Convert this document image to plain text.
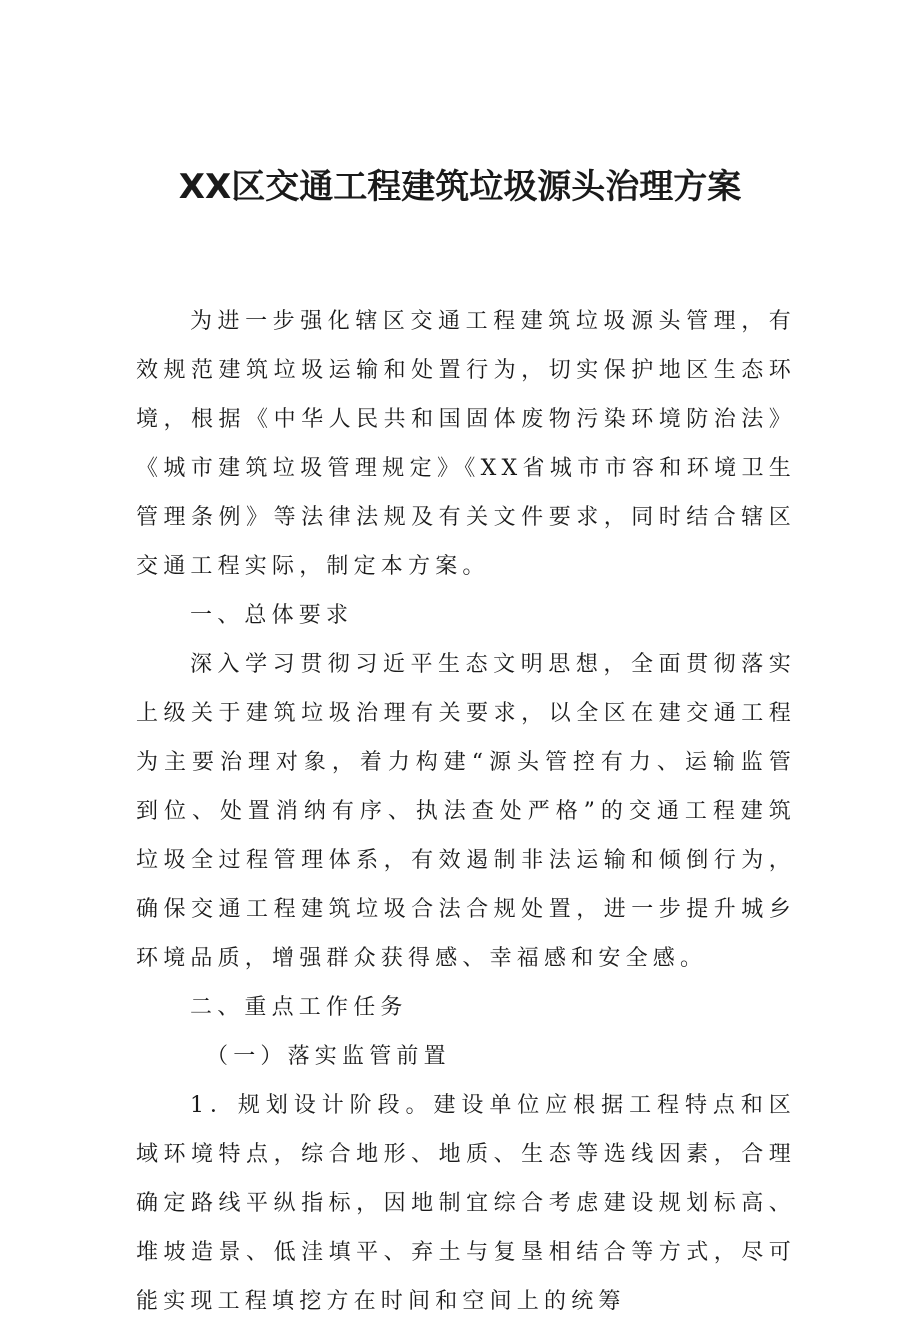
XX区交通工程建筑垃圾源头治理方案

为进一步强化辖区交通工程建筑垃圾源头管理，有效规范建筑垃圾运输和处置行为，切实保护地区生态环境，根据《中华人民共和国固体废物污染环境防治法》《城市建筑垃圾管理规定》《XX省城市市容和环境卫生管理条例》等法律法规及有关文件要求，同时结合辖区交通工程实际，制定本方案。

一、总体要求

深入学习贯彻习近平生态文明思想，全面贯彻落实上级关于建筑垃圾治理有关要求，以全区在建交通工程为主要治理对象，着力构建“源头管控有力、运输监管到位、处置消纳有序、执法查处严格”的交通工程建筑垃圾全过程管理体系，有效遏制非法运输和倾倒行为，确保交通工程建筑垃圾合法合规处置，进一步提升城乡环境品质，增强群众获得感、幸福感和安全感。

二、重点工作任务

（一）落实监管前置

1．规划设计阶段。建设单位应根据工程特点和区域环境特点，综合地形、地质、生态等选线因素，合理确定路线平纵指标，因地制宜综合考虑建设规划标高、堆坡造景、低洼填平、弃土与复垦相结合等方式，尽可能实现工程填挖方在时间和空间上的统筹
